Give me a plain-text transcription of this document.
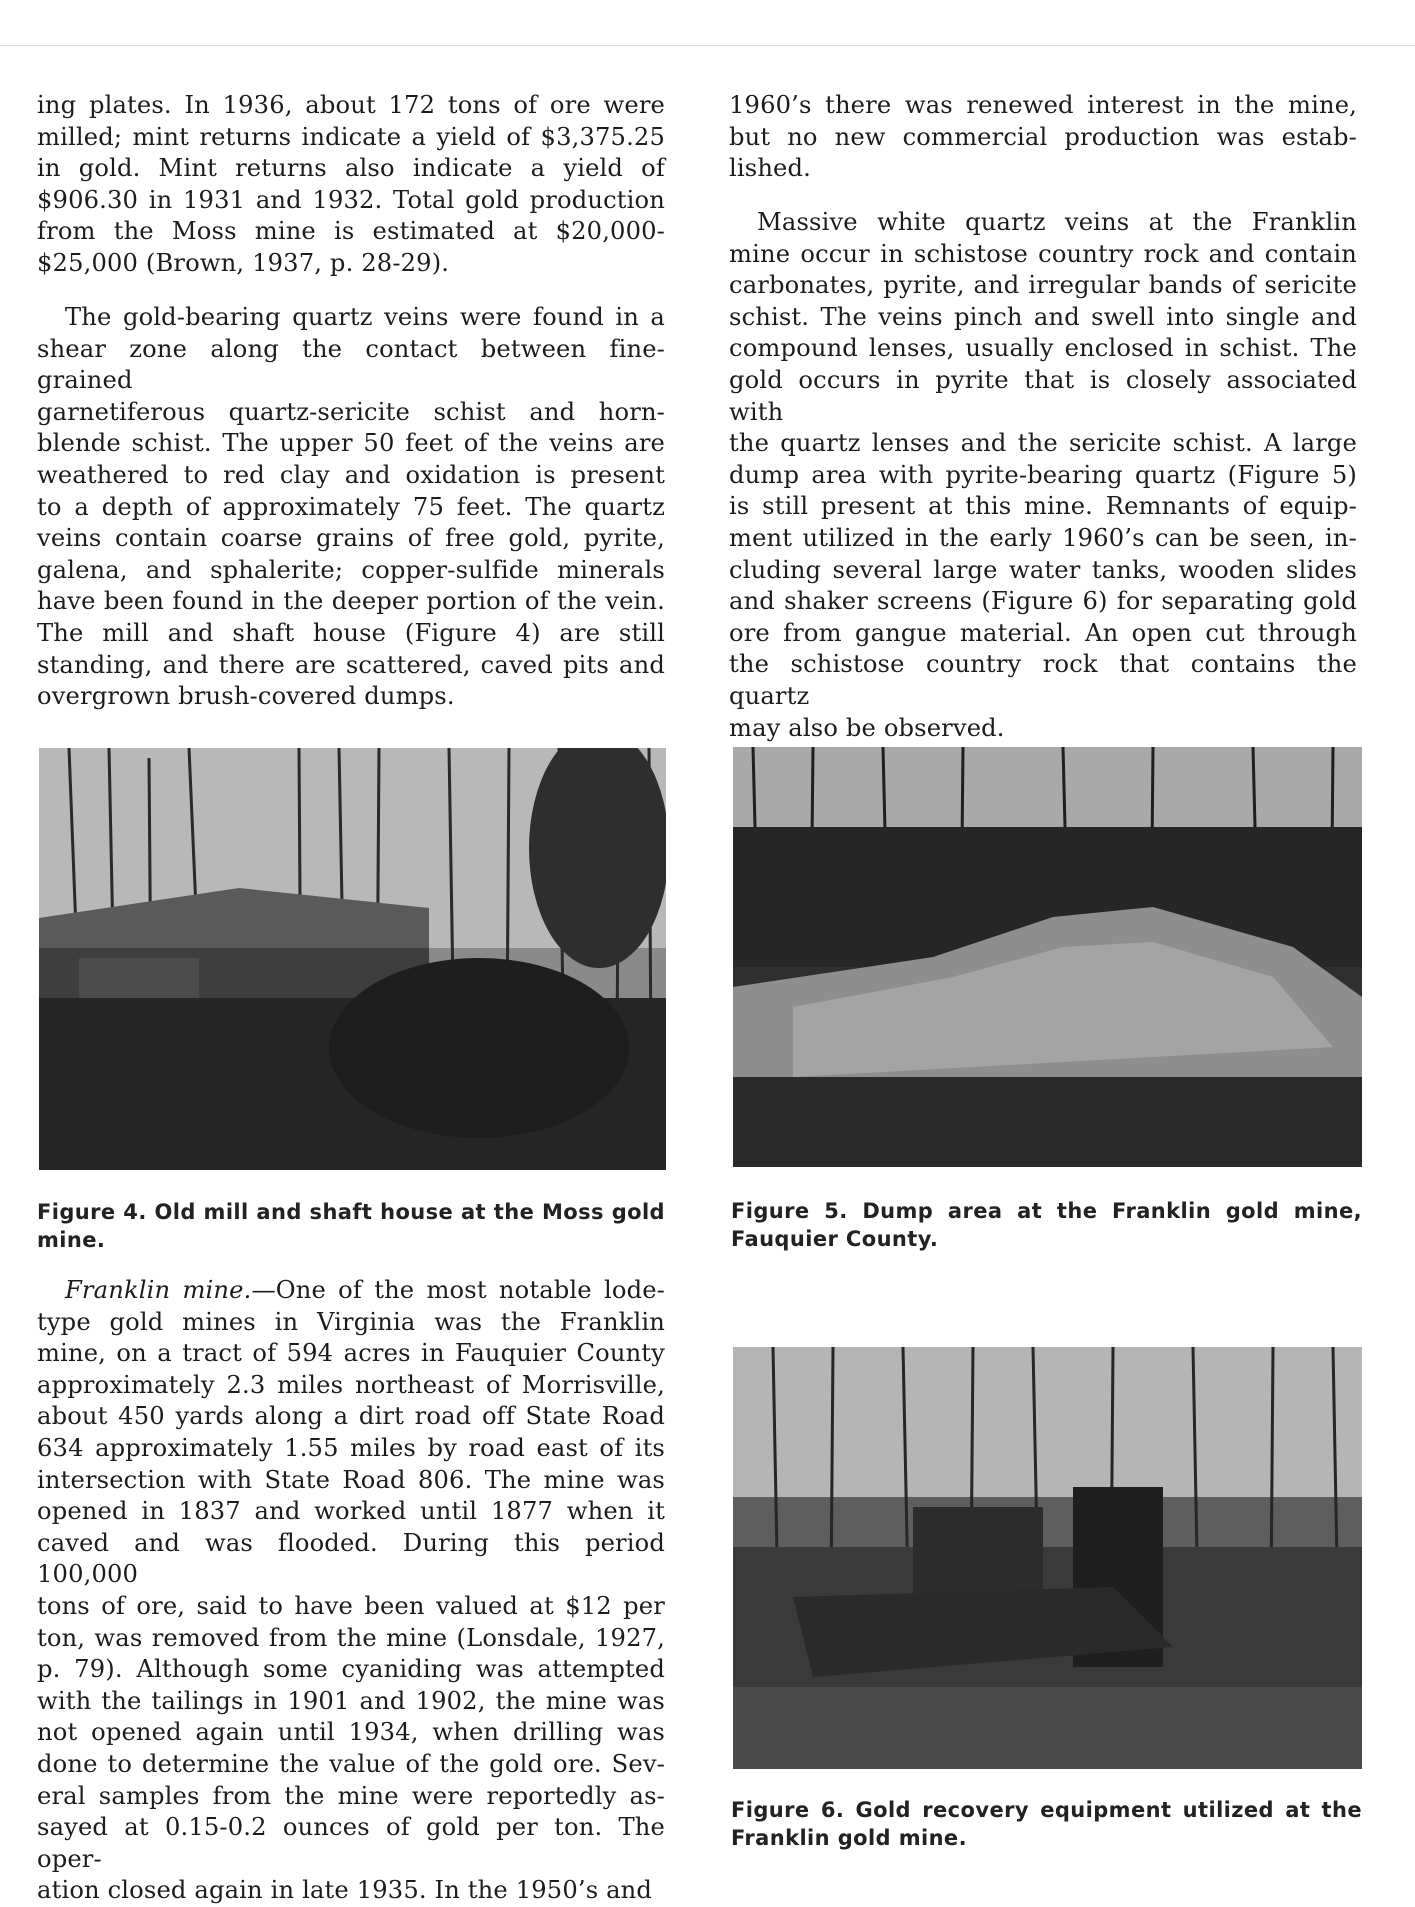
ing plates. In 1936, about 172 tons of ore were
milled; mint returns indicate a yield of $3,375.25
in gold. Mint returns also indicate a yield of
$906.30 in 1931 and 1932. Total gold production
from the Moss mine is estimated at $20,000-
$25,000 (Brown, 1937, p. 28-29).
The gold-bearing quartz veins were found in a
shear zone along the contact between fine-grained
garnetiferous quartz-sericite schist and horn-
blende schist. The upper 50 feet of the veins are
weathered to red clay and oxidation is present
to a depth of approximately 75 feet. The quartz
veins contain coarse grains of free gold, pyrite,
galena, and sphalerite; copper-sulfide minerals
have been found in the deeper portion of the vein.
The mill and shaft house (Figure 4) are still
standing, and there are scattered, caved pits and
overgrown brush-covered dumps.

Figure 4. Old mill and shaft house at the Moss gold
mine.

Franklin mine.—One of the most notable lode-
type gold mines in Virginia was the Franklin
mine, on a tract of 594 acres in Fauquier County
approximately 2.3 miles northeast of Morrisville,
about 450 yards along a dirt road off State Road
634 approximately 1.55 miles by road east of its
intersection with State Road 806. The mine was
opened in 1837 and worked until 1877 when it
caved and was flooded. During this period 100,000
tons of ore, said to have been valued at $12 per
ton, was removed from the mine (Lonsdale, 1927,
p. 79). Although some cyaniding was attempted
with the tailings in 1901 and 1902, the mine was
not opened again until 1934, when drilling was
done to determine the value of the gold ore. Sev-
eral samples from the mine were reportedly as-
sayed at 0.15-0.2 ounces of gold per ton. The oper-
ation closed again in late 1935. In the 1950’s and
1960’s there was renewed interest in the mine,
but no new commercial production was estab-
lished.
Massive white quartz veins at the Franklin
mine occur in schistose country rock and contain
carbonates, pyrite, and irregular bands of sericite
schist. The veins pinch and swell into single and
compound lenses, usually enclosed in schist. The
gold occurs in pyrite that is closely associated with
the quartz lenses and the sericite schist. A large
dump area with pyrite-bearing quartz (Figure 5)
is still present at this mine. Remnants of equip-
ment utilized in the early 1960’s can be seen, in-
cluding several large water tanks, wooden slides
and shaker screens (Figure 6) for separating gold
ore from gangue material. An open cut through
the schistose country rock that contains the quartz
may also be observed.

Figure 5. Dump area at the Franklin gold mine,
Fauquier County.

Figure 6. Gold recovery equipment utilized at the
Franklin gold mine.
